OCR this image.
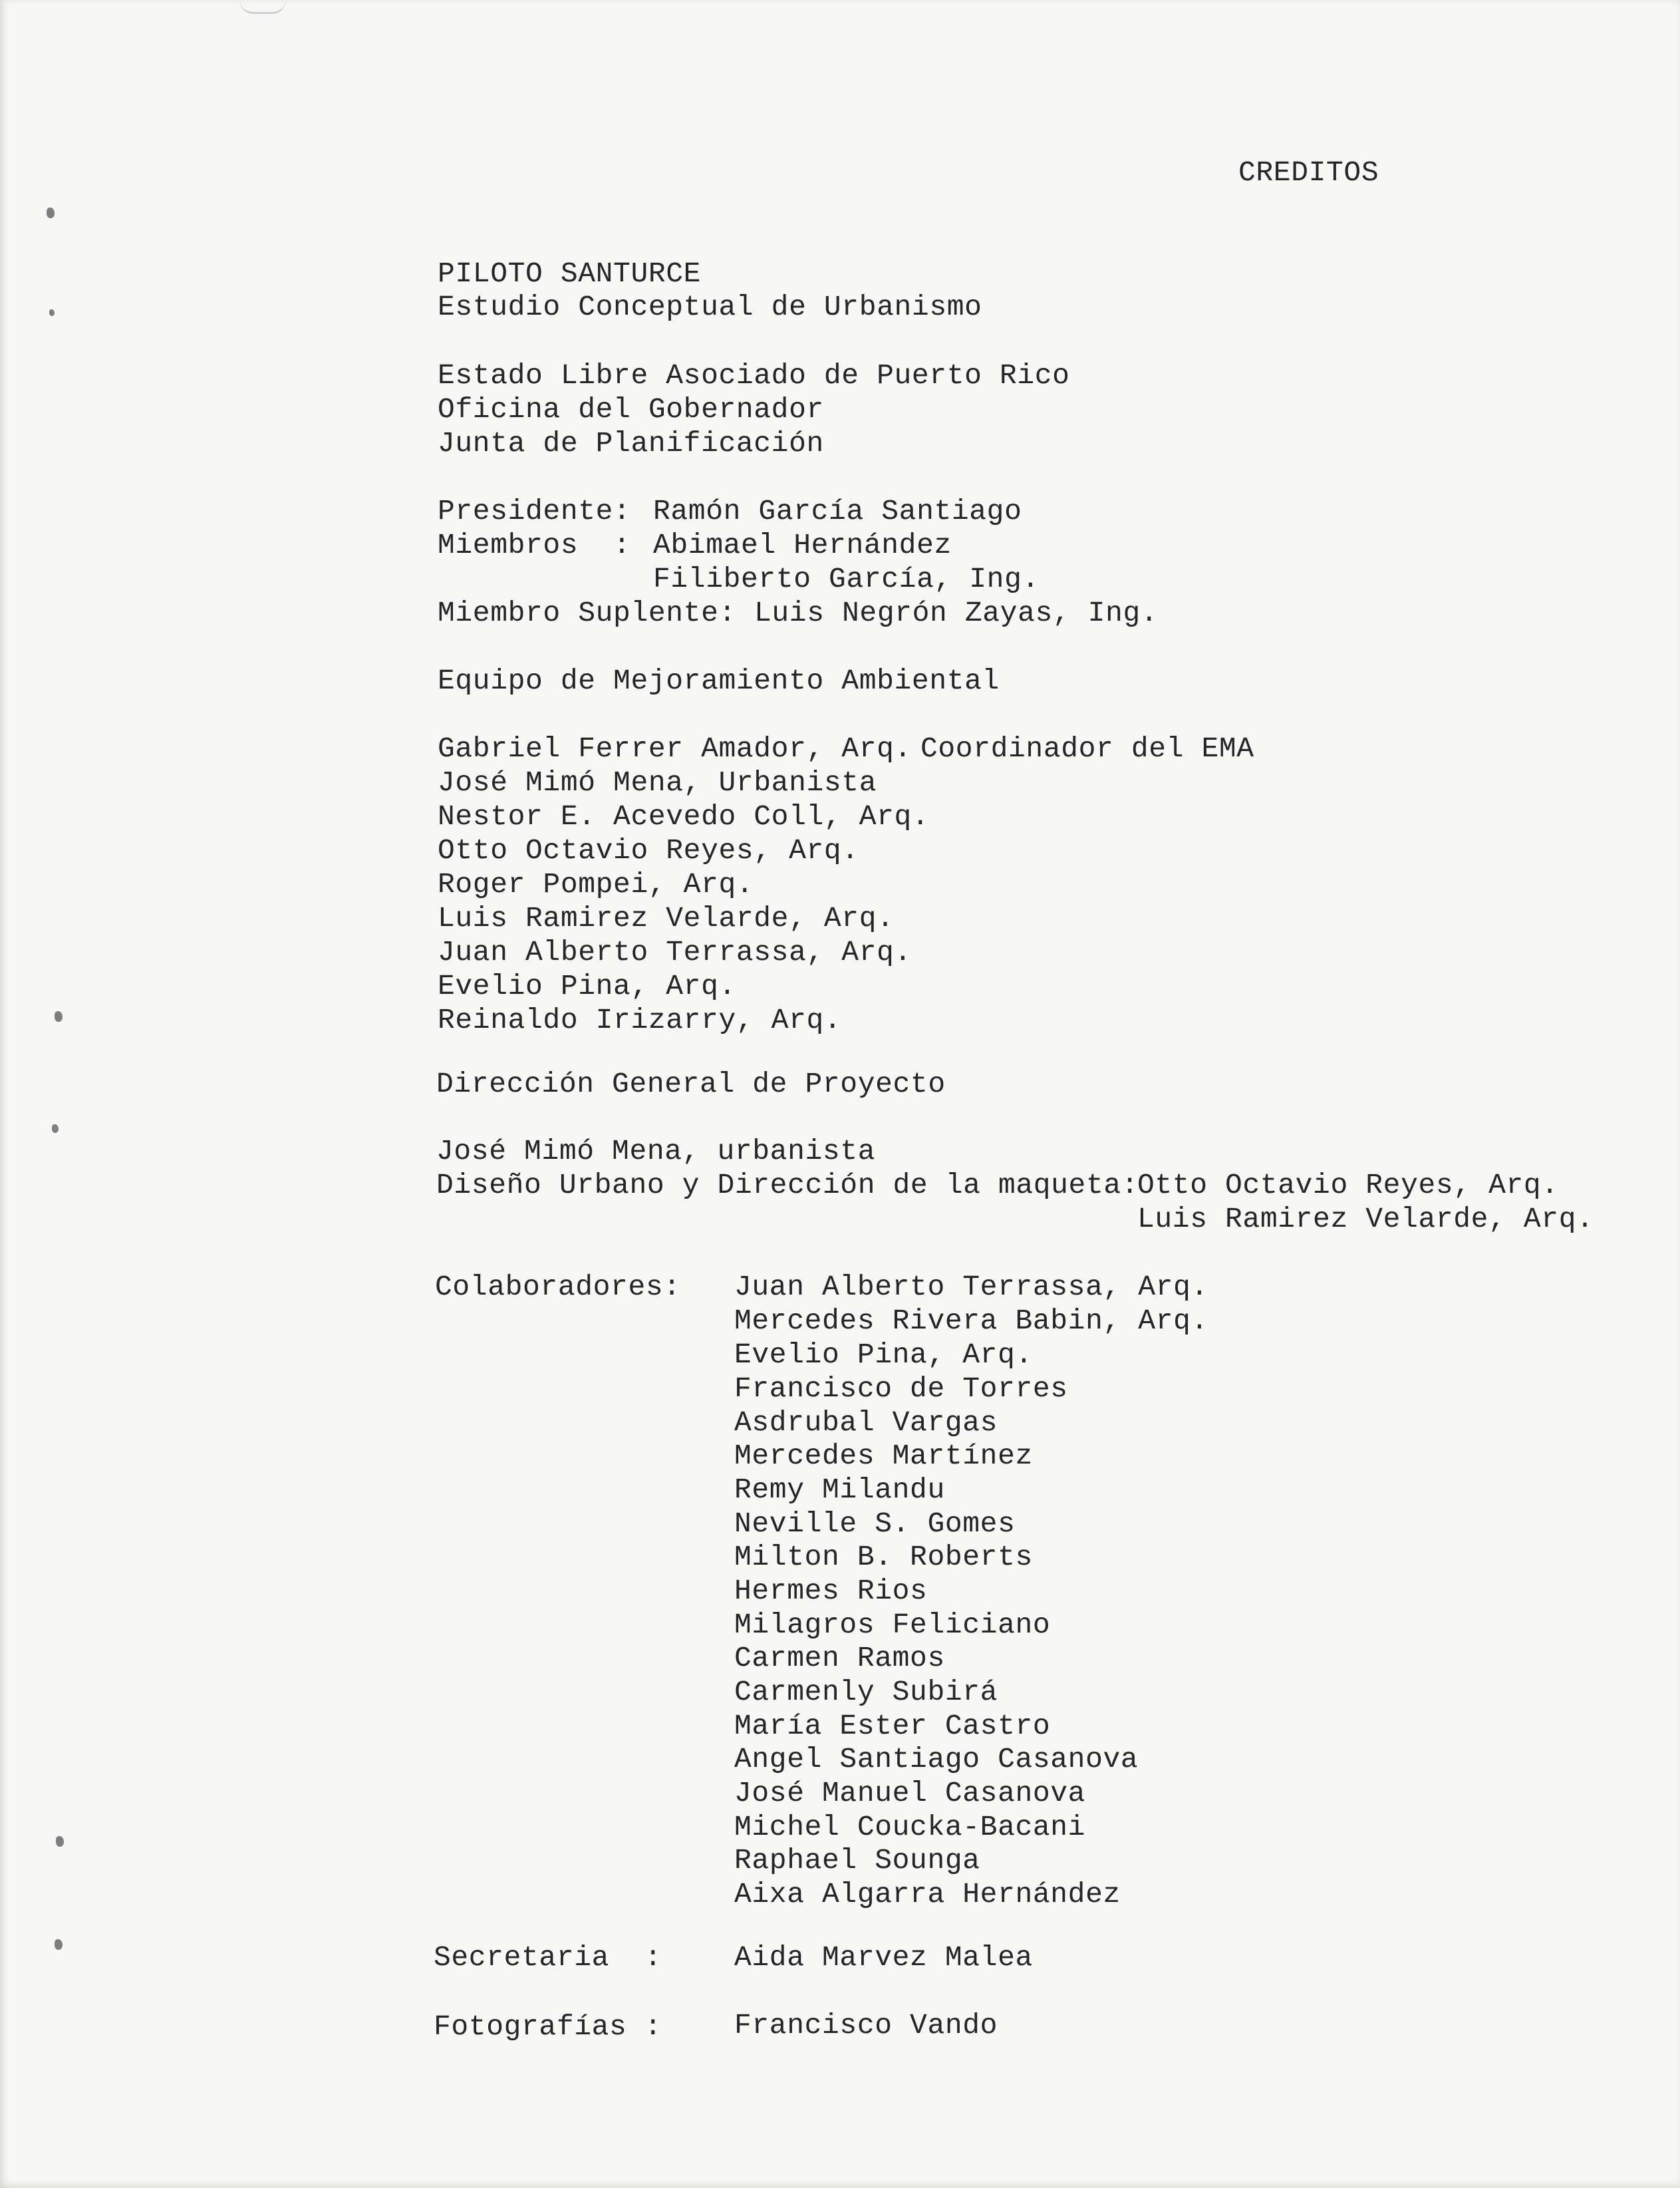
CREDITOS
PILOTO SANTURCE
Estudio Conceptual de Urbanismo
Estado Libre Asociado de Puerto Rico
Oficina del Gobernador
Junta de Planificación
Presidente: Ramón García Santiago
Miembros  : Abimael Hernández
Filiberto García, Ing.
Miembro Suplente: Luis Negrón Zayas, Ing.
Equipo de Mejoramiento Ambiental
Gabriel Ferrer Amador, Arq. Coordinador del EMA
José Mimó Mena, Urbanista
Nestor E. Acevedo Coll, Arq.
Otto Octavio Reyes, Arq.
Roger Pompei, Arq.
Luis Ramirez Velarde, Arq.
Juan Alberto Terrassa, Arq.
Evelio Pina, Arq.
Reinaldo Irizarry, Arq.
Dirección General de Proyecto
José Mimó Mena, urbanista
Diseño Urbano y Dirección de la maqueta:
Otto Octavio Reyes, Arq.
Luis Ramirez Velarde, Arq.
Colaboradores: Juan Alberto Terrassa, Arq.
Mercedes Rivera Babin, Arq.
Evelio Pina, Arq.
Francisco de Torres
Asdrubal Vargas
Mercedes Martínez
Remy Milandu
Neville S. Gomes
Milton B. Roberts
Hermes Rios
Milagros Feliciano
Carmen Ramos
Carmenly Subirá
María Ester Castro
Angel Santiago Casanova
José Manuel Casanova
Michel Coucka-Bacani
Raphael Sounga
Aixa Algarra Hernández
Secretaria  :	Aida Marvez Malea
Fotografías :	Francisco Vando
